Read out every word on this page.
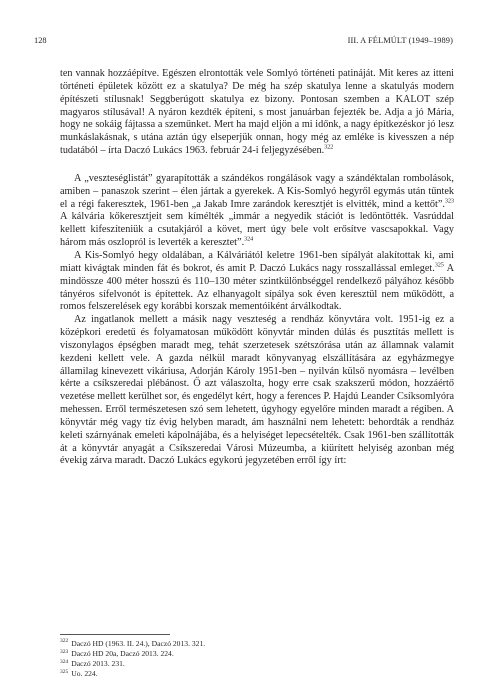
128	III. A FÉLMÚLT (1949–1989)

ten vannak hozzáépítve. Egészen elrontották vele Somlyó történeti patináját. Mit keres az itteni történeti épületek között ez a skatulya? De még ha szép skatulya lenne a skatulyás modern építészeti stílusnak! Seggberúgott skatulya ez bizony. Pontosan szemben a KALOT szép magyaros stílusával! A nyáron kezdték építeni, s most januárban fejezték be. Adja a jó Mária, hogy ne sokáig fájtassa a szeműnket. Mert ha majd eljön a mi időnk, a nagy építkezéskor jó lesz munkáslakásnak, s utána aztán úgy elseperjük onnan, hogy még az emléke is kivesszen a nép tudatából – írta Daczó Lukács 1963. február 24-i feljegyzésében.$^{322}$

A „veszteséglistát” gyarapították a szándékos rongálások vagy a szándéktalan rombolások, amiben – panaszok szerint – élen jártak a gyerekek. A Kis-Somlyó hegyről egymás után tűntek el a régi fakeresztek, 1961-ben „a Jakab Imre zarándok keresztjét is elvitték, mind a kettőt”.$^{323}$ A kálvária kőkeresztjeit sem kímélték „immár a negyedik stációt is ledöntötték. Vasrúddal kellett kifeszíteniük a csutakjáról a követ, mert úgy bele volt erősítve vascsapokkal. Vagy három más oszlopról is leverték a keresztet”.$^{324}$

A Kis-Somlyó hegy oldalában, a Kálváriától keletre 1961-ben sípályát alakítottak ki, ami miatt kivágtak minden fát és bokrot, és amit P. Daczó Lukács nagy rosszallással emleget.$^{325}$ A mindössze 400 méter hosszú és 110–130 méter szintkülönbséggel rendelkező pályához később tányéros sífelvonót is építettek. Az elhanyagolt sípálya sok éven keresztül nem működött, a romos felszerelések egy korábbi korszak mementóiként árválkodtak.

Az ingatlanok mellett a másik nagy veszteség a rendház könyvtára volt. 1951-ig ez a középkori eredetű és folyamatosan működött könyvtár minden dúlás és pusztítás mellett is viszonylagos épségben maradt meg, tehát szerzetesek szétszórása után az államnak valamit kezdeni kellett vele. A gazda nélkül maradt könyvanyag elszállítására az egyházmegye államilag kinevezett vikáriusa, Adorján Károly 1951-ben – nyilván külső nyomásra – levélben kérte a csíkszeredai plébánost. Ő azt válaszolta, hogy erre csak szakszerű módon, hozzáértő vezetése mellett kerülhet sor, és engedélyt kért, hogy a ferences P. Hajdú Leander Csíksomlyóra mehessen. Erről természetesen szó sem lehetett, úgyhogy egyelőre minden maradt a régiben. A könyvtár még vagy tíz évig helyben maradt, ám használni nem lehetett: behordták a rendház keleti szárnyának emeleti kápolnájába, és a helyiséget lepecsételték. Csak 1961-ben szállították át a könyvtár anyagát a Csíkszeredai Városi Múzeumba, a kiürített helyiség azonban még évekig zárva maradt. Daczó Lukács egykorú jegyzetében erről így írt:

$^{322}$ Daczó HD (1963. II. 24.), Daczó 2013. 321.
$^{323}$ Daczó HD 20a, Daczó 2013. 224.
$^{324}$ Daczó 2013. 231.
$^{325}$ Uo. 224.
